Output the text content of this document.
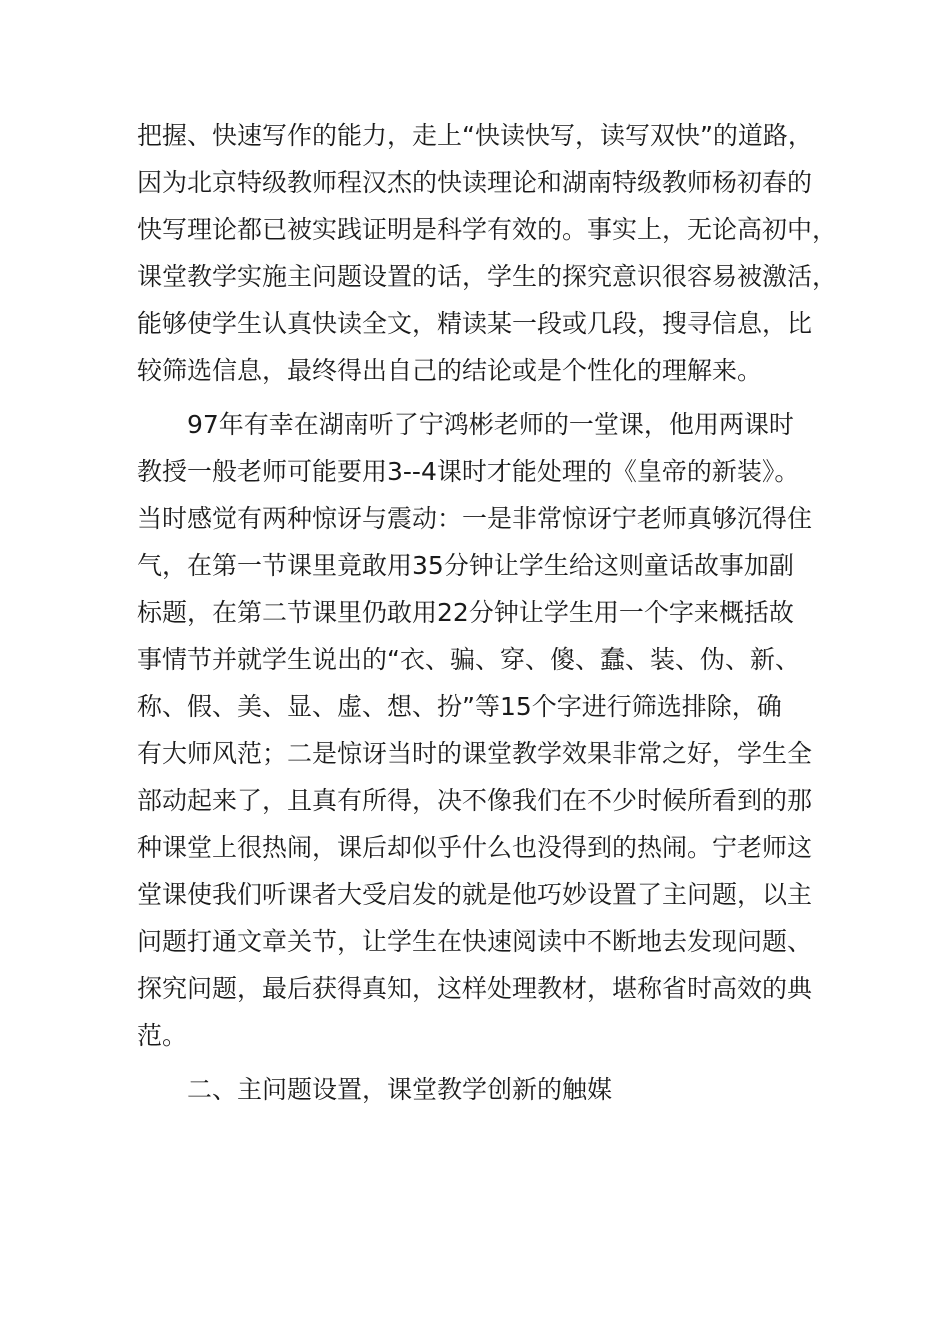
把握、快速写作的能力，走上“快读快写，读写双快”的道路，
因为北京特级教师程汉杰的快读理论和湖南特级教师杨初春的
快写理论都已被实践证明是科学有效的。事实上，无论高初中，
课堂教学实施主问题设置的话，学生的探究意识很容易被激活，
能够使学生认真快读全文，精读某一段或几段，搜寻信息，比
较筛选信息，最终得出自己的结论或是个性化的理解来。
97年有幸在湖南听了宁鸿彬老师的一堂课，他用两课时
教授一般老师可能要用3--4课时才能处理的《皇帝的新装》。
当时感觉有两种惊讶与震动：一是非常惊讶宁老师真够沉得住
气，在第一节课里竟敢用35分钟让学生给这则童话故事加副
标题，在第二节课里仍敢用22分钟让学生用一个字来概括故
事情节并就学生说出的“衣、骗、穿、傻、蠢、装、伪、新、
称、假、美、显、虚、想、扮”等15个字进行筛选排除，确
有大师风范；二是惊讶当时的课堂教学效果非常之好，学生全
部动起来了，且真有所得，决不像我们在不少时候所看到的那
种课堂上很热闹，课后却似乎什么也没得到的热闹。宁老师这
堂课使我们听课者大受启发的就是他巧妙设置了主问题，以主
问题打通文章关节，让学生在快速阅读中不断地去发现问题、
探究问题，最后获得真知，这样处理教材，堪称省时高效的典
范。
二、主问题设置，课堂教学创新的触媒
